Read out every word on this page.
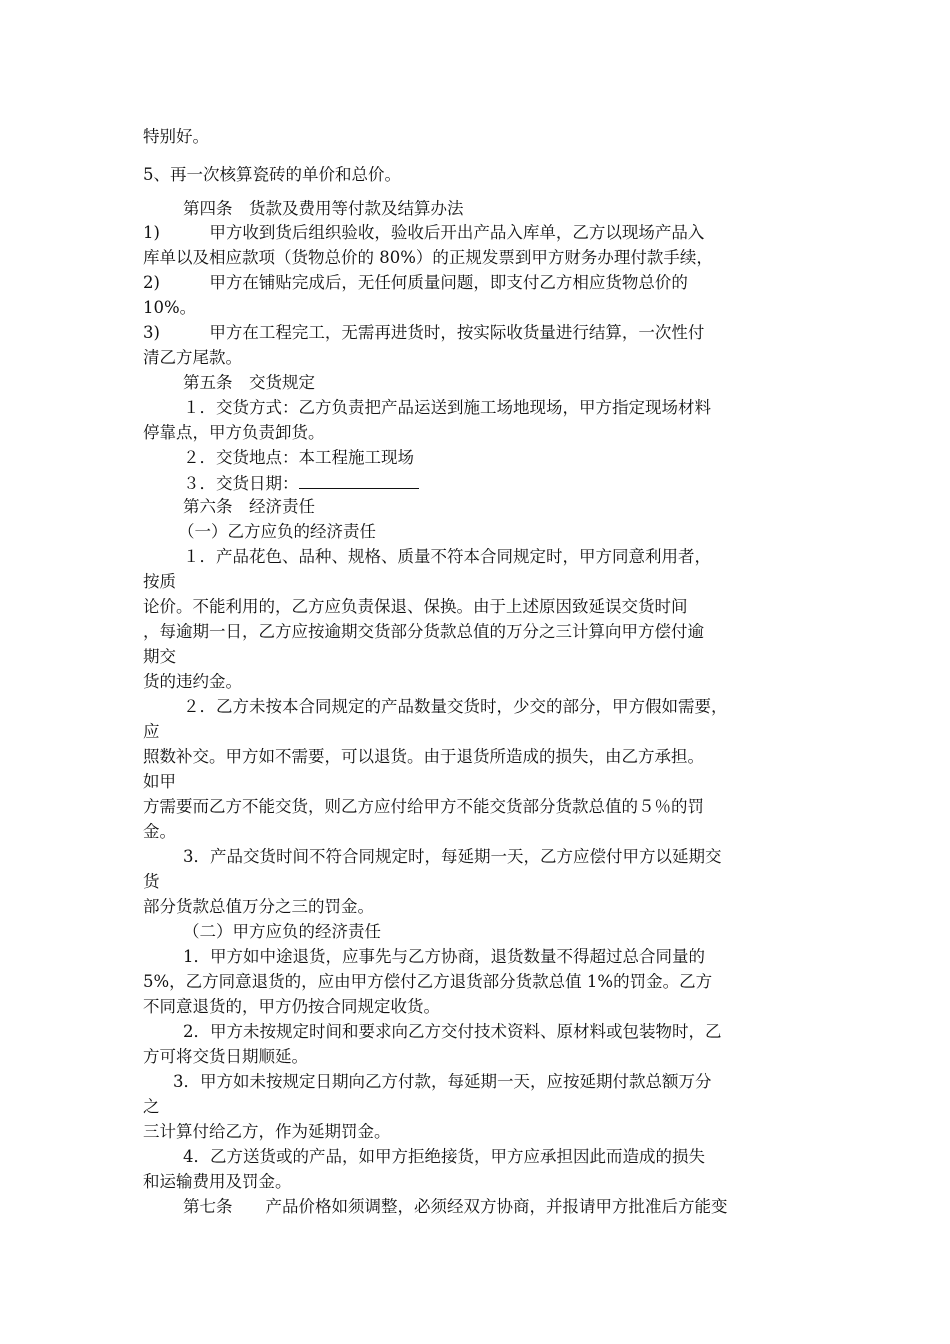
特别好。

5、再一次核算瓷砖的单价和总价。

第四条　货款及费用等付款及结算办法

1)　　　甲方收到货后组织验收，验收后开出产品入库单，乙方以现场产品入

库单以及相应款项（货物总价的 80%）的正规发票到甲方财务办理付款手续，

2)　　　甲方在铺贴完成后，无任何质量问题，即支付乙方相应货物总价的

10%。

3)　　　甲方在工程完工，无需再进货时，按实际收货量进行结算，一次性付

清乙方尾款。

第五条　交货规定

１．交货方式：乙方负责把产品运送到施工场地现场，甲方指定现场材料

停靠点，甲方负责卸货。

２．交货地点：本工程施工现场

３．交货日期：

第六条　经济责任

（一）乙方应负的经济责任

１．产品花色、品种、规格、质量不符本合同规定时，甲方同意利用者，

按质

论价。不能利用的，乙方应负责保退、保换。由于上述原因致延误交货时间

，每逾期一日，乙方应按逾期交货部分货款总值的万分之三计算向甲方偿付逾

期交

货的违约金。

２．乙方未按本合同规定的产品数量交货时，少交的部分，甲方假如需要，

应

照数补交。甲方如不需要，可以退货。由于退货所造成的损失，由乙方承担。

如甲

方需要而乙方不能交货，则乙方应付给甲方不能交货部分货款总值的５％的罚

金。

3．产品交货时间不符合同规定时，每延期一天，乙方应偿付甲方以延期交

货

部分货款总值万分之三的罚金。

（二）甲方应负的经济责任

1．甲方如中途退货，应事先与乙方协商，退货数量不得超过总合同量的

5%，乙方同意退货的，应由甲方偿付乙方退货部分货款总值 1%的罚金。乙方

不同意退货的，甲方仍按合同规定收货。

2．甲方未按规定时间和要求向乙方交付技术资料、原材料或包装物时，乙

方可将交货日期顺延。

3．甲方如未按规定日期向乙方付款，每延期一天，应按延期付款总额万分

之

三计算付给乙方，作为延期罚金。

4．乙方送货或的产品，如甲方拒绝接货，甲方应承担因此而造成的损失

和运输费用及罚金。

第七条　　产品价格如须调整，必须经双方协商，并报请甲方批准后方能变
